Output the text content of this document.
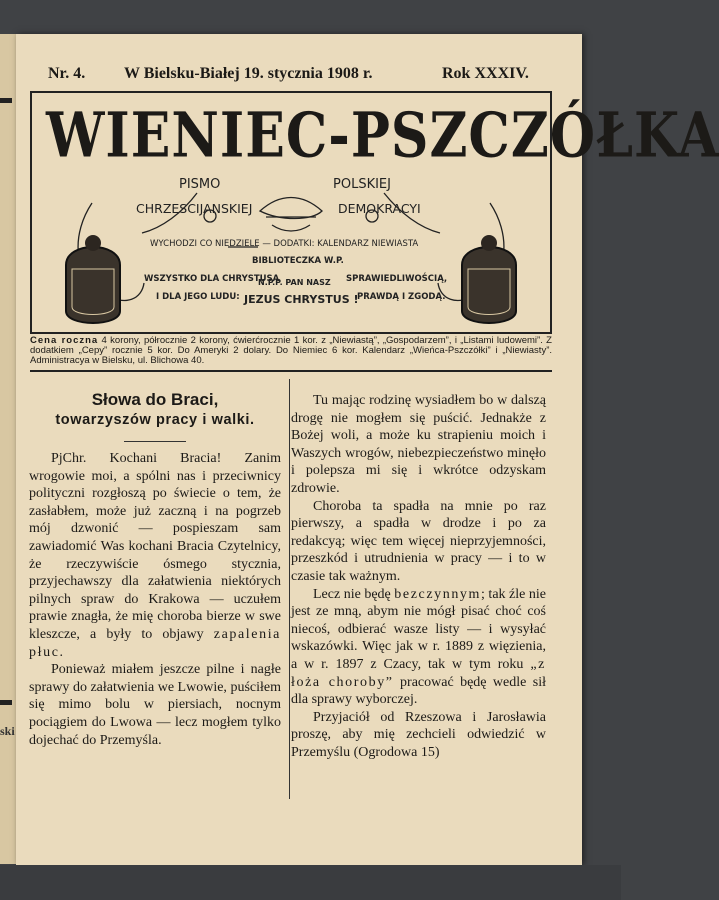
ski
Nr. 4. W Bielsku-Białej 19. stycznia 1908 r.	Rok XXXIV.
WIENIEC-PSZCZÓŁKA
PISMO	POLSKIEJ
CHRZESCIJANSKIEJ	DEMOKRACYI
WYCHODZI CO NIEDZIELE — DODATKI: KALENDARZ NIEWIASTA
BIBLIOTECZKA W.P.
WSZYSTKO DLA CHRYSTUSA
I DLA JEGO LUDU:
N.P.P. PAN NASZ
JEZUS CHRYSTUS !
SPRAWIEDLIWOŚCIĄ,
PRAWDĄ I ZGODĄ.
Cena roczna 4 korony, półrocznie 2 korony, ćwierćrocznie 1 kor. z „Niewiastą”, „Gospodarzem”, i „Listami ludowemi”. Z dodatkiem „Cepy” rocznie 5 kor. Do Ameryki 2 dolary. Do Niemiec 6 kor. Kalendarz „Wieńca-Pszczółki” i „Niewiasty”. Administracya w Bielsku, ul. Blichowa 40.
Słowa do Braci,
towarzyszów pracy i walki.

PjChr. Kochani Bracia! Zanim wrogowie moi, a spólni nas i przeciwnicy polityczni rozgłoszą po świecie o tem, że zasłabłem, może już zaczną i na pogrzeb mój dzwonić — pospieszam sam zawiadomić Was kochani Bracia Czytelnicy, że rzeczywiście ósmego stycznia, przyjechawszy dla załatwienia niektórych pilnych spraw do Krakowa — uczułem prawie znagła, że mię choroba bierze w swe kleszcze, a były to objawy zapalenia płuc.

Ponieważ miałem jeszcze pilne i nagłe sprawy do załatwienia we Lwowie, puściłem się mimo bolu w piersiach, nocnym pociągiem do Lwowa — lecz mogłem tylko dojechać do Przemyśla.

Tu mając rodzinę wysiadłem bo w dalszą drogę nie mogłem się puścić. Jednakże z Bożej woli, a może ku strapieniu moich i Waszych wrogów, niebezpieczeństwo minęło i polepsza mi się i wkrótce odzyskam zdrowie.

Choroba ta spadła na mnie po raz pierwszy, a spadła w drodze i po za redakcyą; więc tem więcej nieprzyjemności, przeszkód i utrudnienia w pracy — i to w czasie tak ważnym.

Lecz nie będę bezczynnym; tak źle nie jest ze mną, abym nie mógł pisać choć coś niecoś, odbierać wasze listy — i wysyłać wskazówki. Więc jak w r. 1889 z więzienia, a w r. 1897 z Czacy, tak w tym roku „z łoża choroby” pracować będę wedle sił dla sprawy wyborczej.

Przyjaciół od Rzeszowa i Jarosławia proszę, aby mię zechcieli odwiedzić w Przemyślu (Ogrodowa 15)
